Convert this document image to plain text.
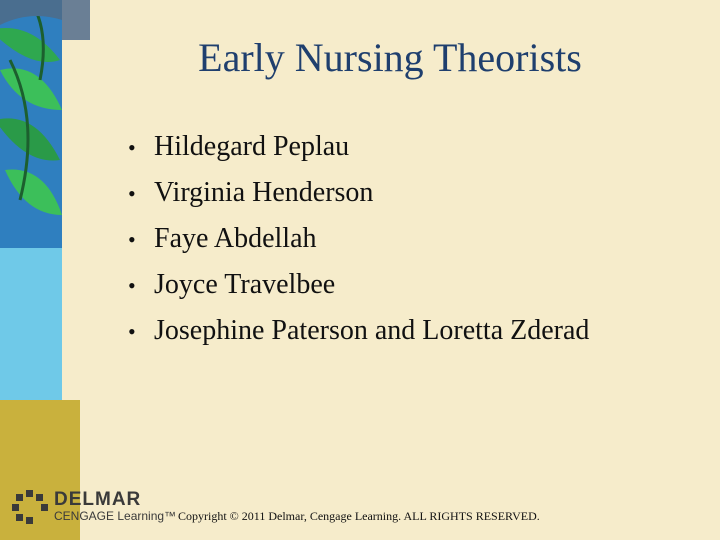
Early Nursing Theorists
• Hildegard Peplau
• Virginia Henderson
• Faye Abdellah
• Joyce Travelbee
• Josephine Paterson and Loretta Zderad
DELMAR
CENGAGE Learning™ Copyright © 2011 Delmar, Cengage Learning. ALL RIGHTS RESERVED.
